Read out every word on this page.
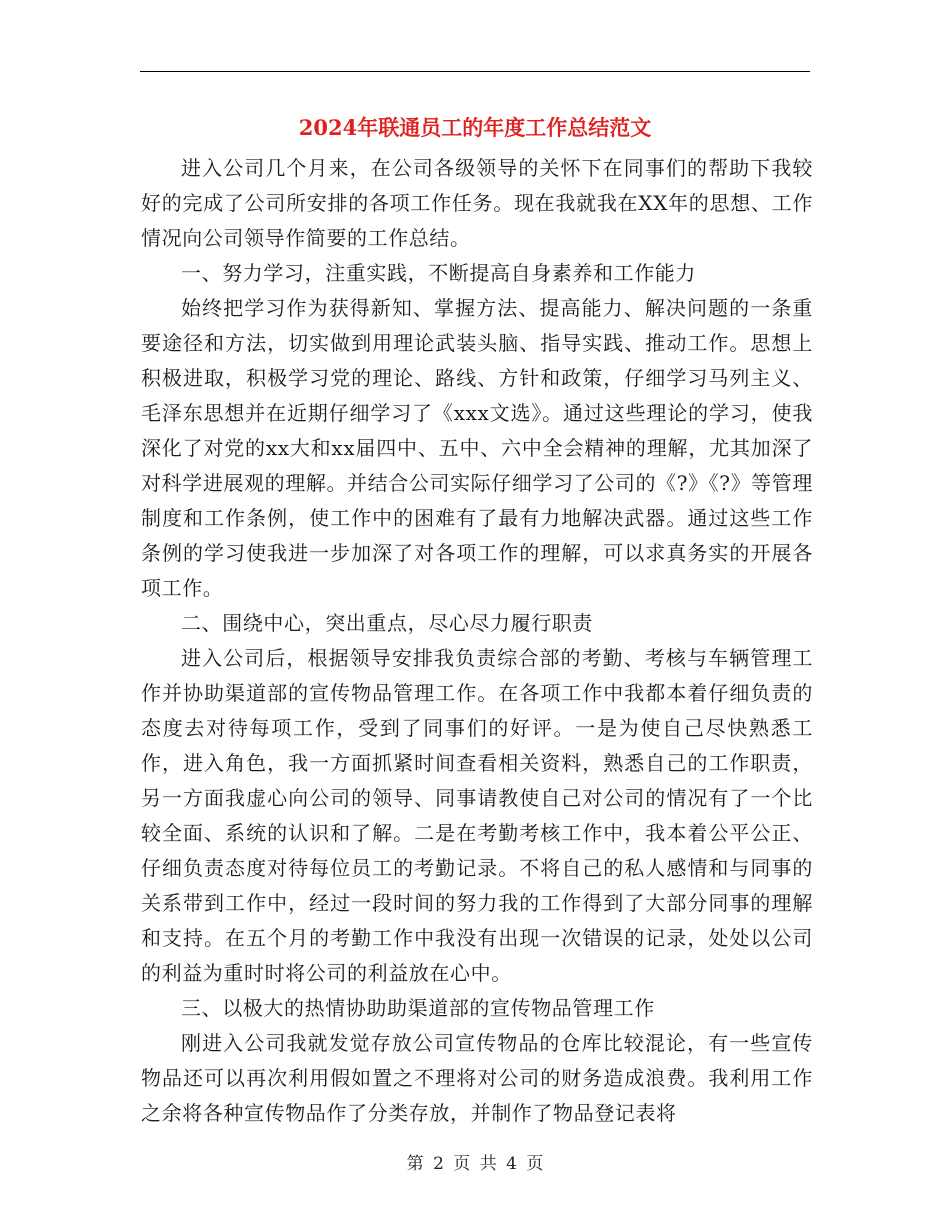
2024年联通员工的年度工作总结范文

进入公司几个月来，在公司各级领导的关怀下在同事们的帮助下我较好的完成了公司所安排的各项工作任务。现在我就我在XX年的思想、工作情况向公司领导作简要的工作总结。

一、努力学习，注重实践，不断提高自身素养和工作能力

始终把学习作为获得新知、掌握方法、提高能力、解决问题的一条重要途径和方法，切实做到用理论武装头脑、指导实践、推动工作。思想上积极进取，积极学习党的理论、路线、方针和政策，仔细学习马列主义、毛泽东思想并在近期仔细学习了《xxx文选》。通过这些理论的学习，使我深化了对党的xx大和xx届四中、五中、六中全会精神的理解，尤其加深了对科学进展观的理解。并结合公司实际仔细学习了公司的《?》《?》等管理制度和工作条例，使工作中的困难有了最有力地解决武器。通过这些工作条例的学习使我进一步加深了对各项工作的理解，可以求真务实的开展各项工作。

二、围绕中心，突出重点，尽心尽力履行职责

进入公司后，根据领导安排我负责综合部的考勤、考核与车辆管理工作并协助渠道部的宣传物品管理工作。在各项工作中我都本着仔细负责的态度去对待每项工作，受到了同事们的好评。一是为使自己尽快熟悉工作，进入角色，我一方面抓紧时间查看相关资料，熟悉自己的工作职责，另一方面我虚心向公司的领导、同事请教使自己对公司的情况有了一个比较全面、系统的认识和了解。二是在考勤考核工作中，我本着公平公正、仔细负责态度对待每位员工的考勤记录。不将自己的私人感情和与同事的关系带到工作中，经过一段时间的努力我的工作得到了大部分同事的理解和支持。在五个月的考勤工作中我没有出现一次错误的记录，处处以公司的利益为重时时将公司的利益放在心中。

三、以极大的热情协助助渠道部的宣传物品管理工作

刚进入公司我就发觉存放公司宣传物品的仓库比较混论，有一些宣传物品还可以再次利用假如置之不理将对公司的财务造成浪费。我利用工作之余将各种宣传物品作了分类存放，并制作了物品登记表将

第 2 页 共 4 页
